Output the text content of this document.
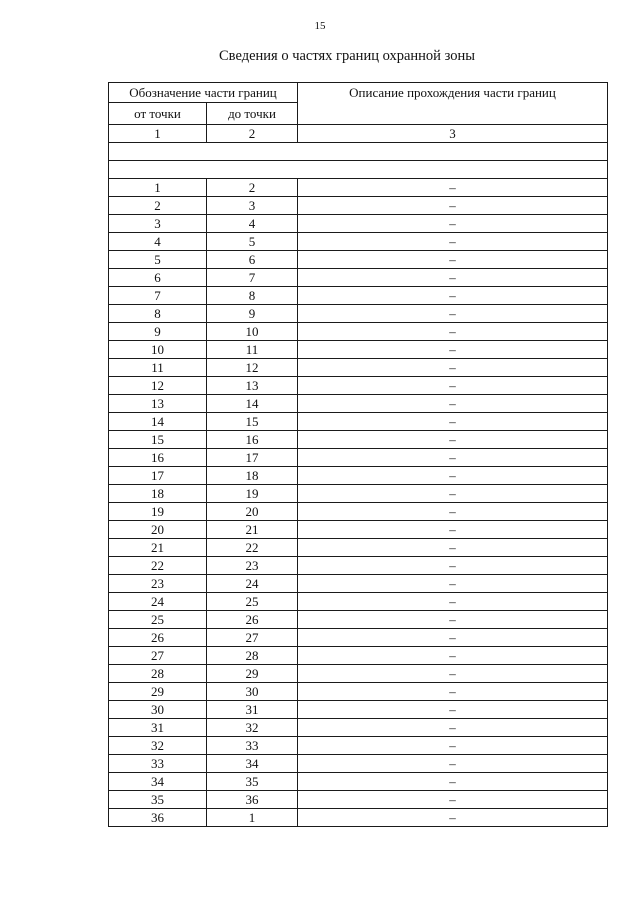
15
Сведения о частях границ охранной зоны
Обозначение части границ		Описание прохождения части границ
от точки	до точки	
1	2	3

1	2	–
2	3	–
3	4	–
4	5	–
5	6	–
6	7	–
7	8	–
8	9	–
9	10	–
10	11	–
11	12	–
12	13	–
13	14	–
14	15	–
15	16	–
16	17	–
17	18	–
18	19	–
19	20	–
20	21	–
21	22	–
22	23	–
23	24	–
24	25	–
25	26	–
26	27	–
27	28	–
28	29	–
29	30	–
30	31	–
31	32	–
32	33	–
33	34	–
34	35	–
35	36	–
36	1	–
